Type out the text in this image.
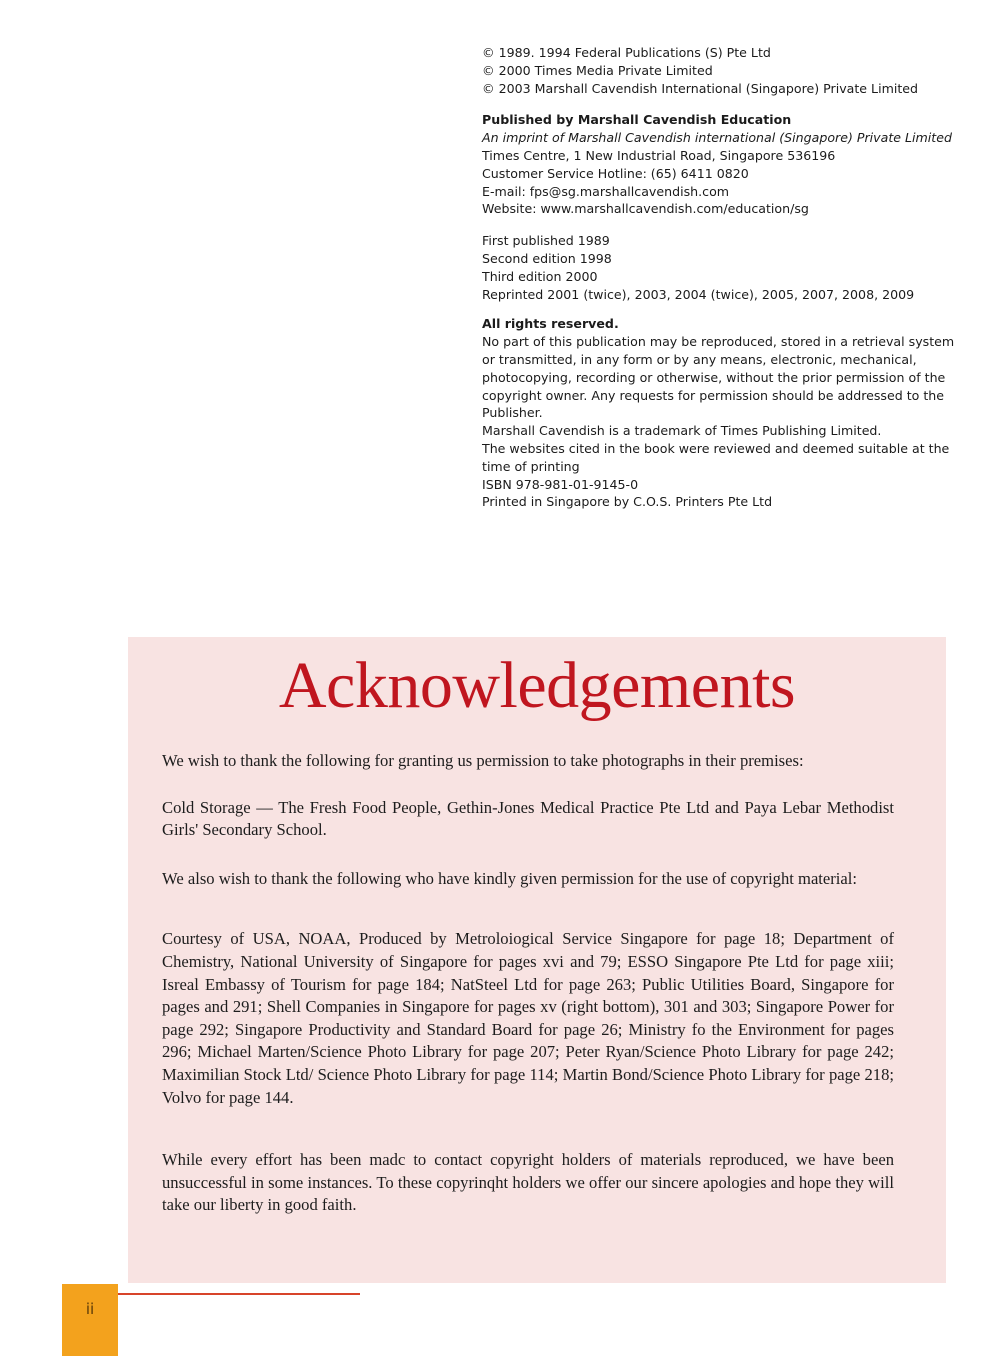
© 1989. 1994 Federal Publications (S) Pte Ltd

© 2000 Times Media Private Limited

© 2003 Marshall Cavendish International (Singapore) Private Limited

Published by Marshall Cavendish Education

An imprint of Marshall Cavendish international (Singapore) Private Limited

Times Centre, 1 New Industrial Road, Singapore 536196

Customer Service Hotline: (65) 6411 0820

E-mail: fps@sg.marshallcavendish.com

Website: www.marshallcavendish.com/education/sg

First published 1989

Second edition 1998

Third edition 2000

Reprinted 2001 (twice), 2003, 2004 (twice), 2005, 2007, 2008, 2009

All rights reserved.

No part of this publication may be reproduced, stored in a retrieval system or transmitted, in any form or by any means, electronic, mechanical, photocopying, recording or otherwise, without the prior permission of the copyright owner. Any requests for permission should be addressed to the Publisher.

Marshall Cavendish is a trademark of Times Publishing Limited.

The websites cited in the book were reviewed and deemed suitable at the time of printing

ISBN 978-981-01-9145-0

Printed in Singapore by C.O.S. Printers Pte Ltd

Acknowledgements

We wish to thank the following for granting us permission to take photographs in their premises:

Cold Storage — The Fresh Food People, Gethin-Jones Medical Practice Pte Ltd and Paya Lebar Methodist Girls' Secondary School.

We also wish to thank the following who have kindly given permission for the use of copyright material:

Courtesy of USA, NOAA, Produced by Metroloiogical Service Singapore for page 18; Department of Chemistry, National University of Singapore for pages xvi and 79; ESSO Singapore Pte Ltd for page xiii; Isreal Embassy of Tourism for page 184; NatSteel Ltd for page 263; Public Utilities Board, Singapore for pages and 291; Shell Companies in Singapore for pages xv (right bottom), 301 and 303; Singapore Power for page 292; Singapore Productivity and Standard Board for page 26; Ministry fo the Environment for pages 296; Michael Marten/Science Photo Library for page 207; Peter Ryan/Science Photo Library for page 242; Maximilian Stock Ltd/ Science Photo Library for page 114; Martin Bond/Science Photo Library for page 218; Volvo for page 144.

While every effort has been madc to contact copyright holders of materials reproduced, we have been unsuccessful in some instances. To these copyrinqht holders we offer our sincere apologies and hope they will take our liberty in good faith.

ii
